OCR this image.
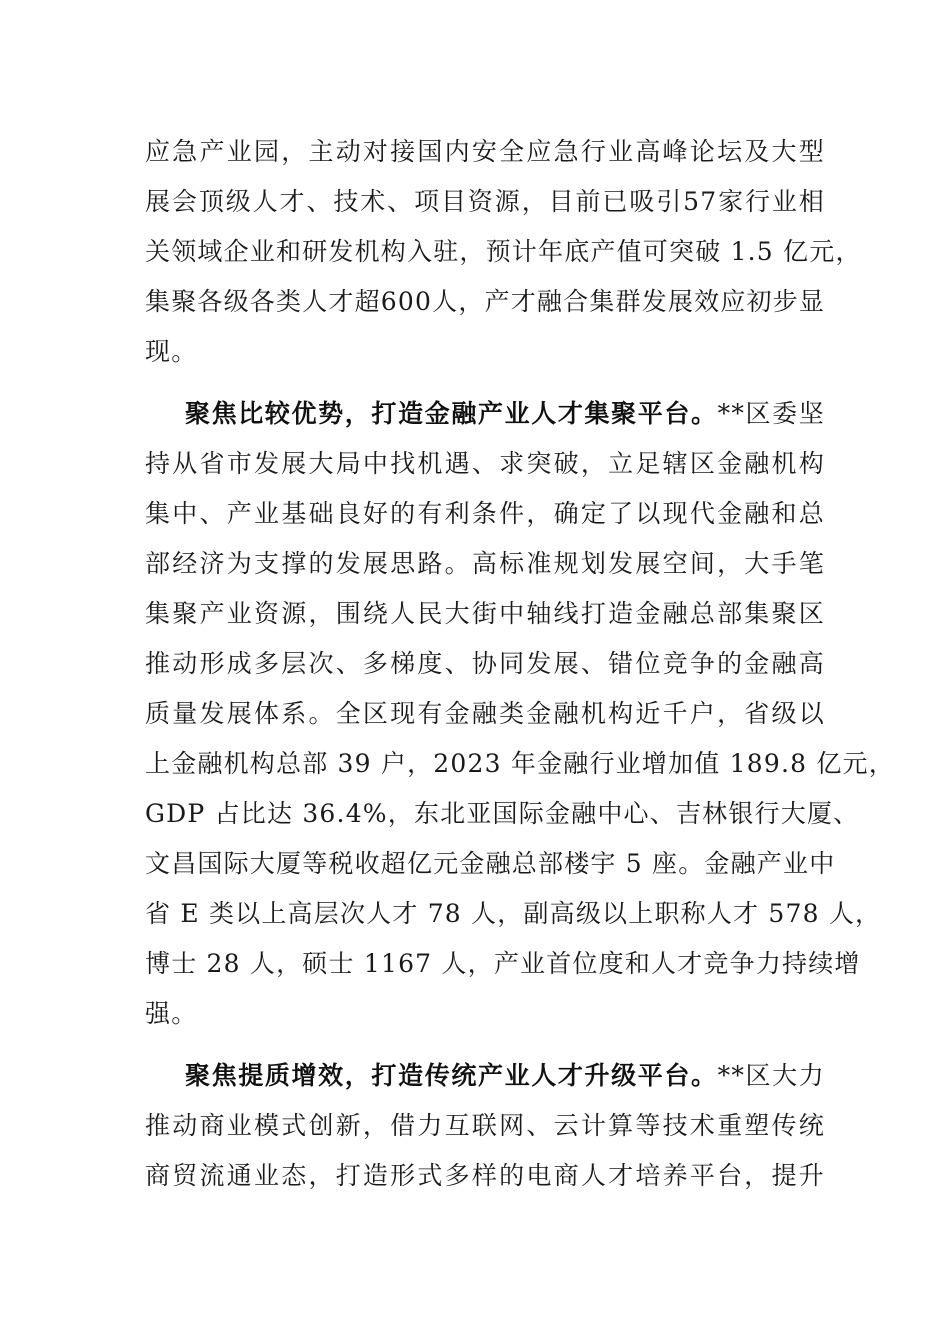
应急产业园，主动对接国内安全应急行业高峰论坛及大型
展会顶级人才、技术、项目资源，目前已吸引57家行业相
关领域企业和研发机构入驻，预计年底产值可突破 1.5 亿元，
集聚各级各类人才超600人，产才融合集群发展效应初步显
现。
聚焦比较优势，打造金融产业人才集聚平台。**区委坚
持从省市发展大局中找机遇、求突破，立足辖区金融机构
集中、产业基础良好的有利条件，确定了以现代金融和总
部经济为支撑的发展思路。高标准规划发展空间，大手笔
集聚产业资源，围绕人民大街中轴线打造金融总部集聚区
推动形成多层次、多梯度、协同发展、错位竞争的金融高
质量发展体系。全区现有金融类金融机构近千户，省级以
上金融机构总部 39 户，2023 年金融行业增加值 189.8 亿元，
GDP 占比达 36.4%，东北亚国际金融中心、吉林银行大厦、
文昌国际大厦等税收超亿元金融总部楼宇 5 座。金融产业中
省 E 类以上高层次人才 78 人，副高级以上职称人才 578 人，
博士 28 人，硕士 1167 人，产业首位度和人才竞争力持续增
强。
聚焦提质增效，打造传统产业人才升级平台。**区大力
推动商业模式创新，借力互联网、云计算等技术重塑传统
商贸流通业态，打造形式多样的电商人才培养平台，提升
